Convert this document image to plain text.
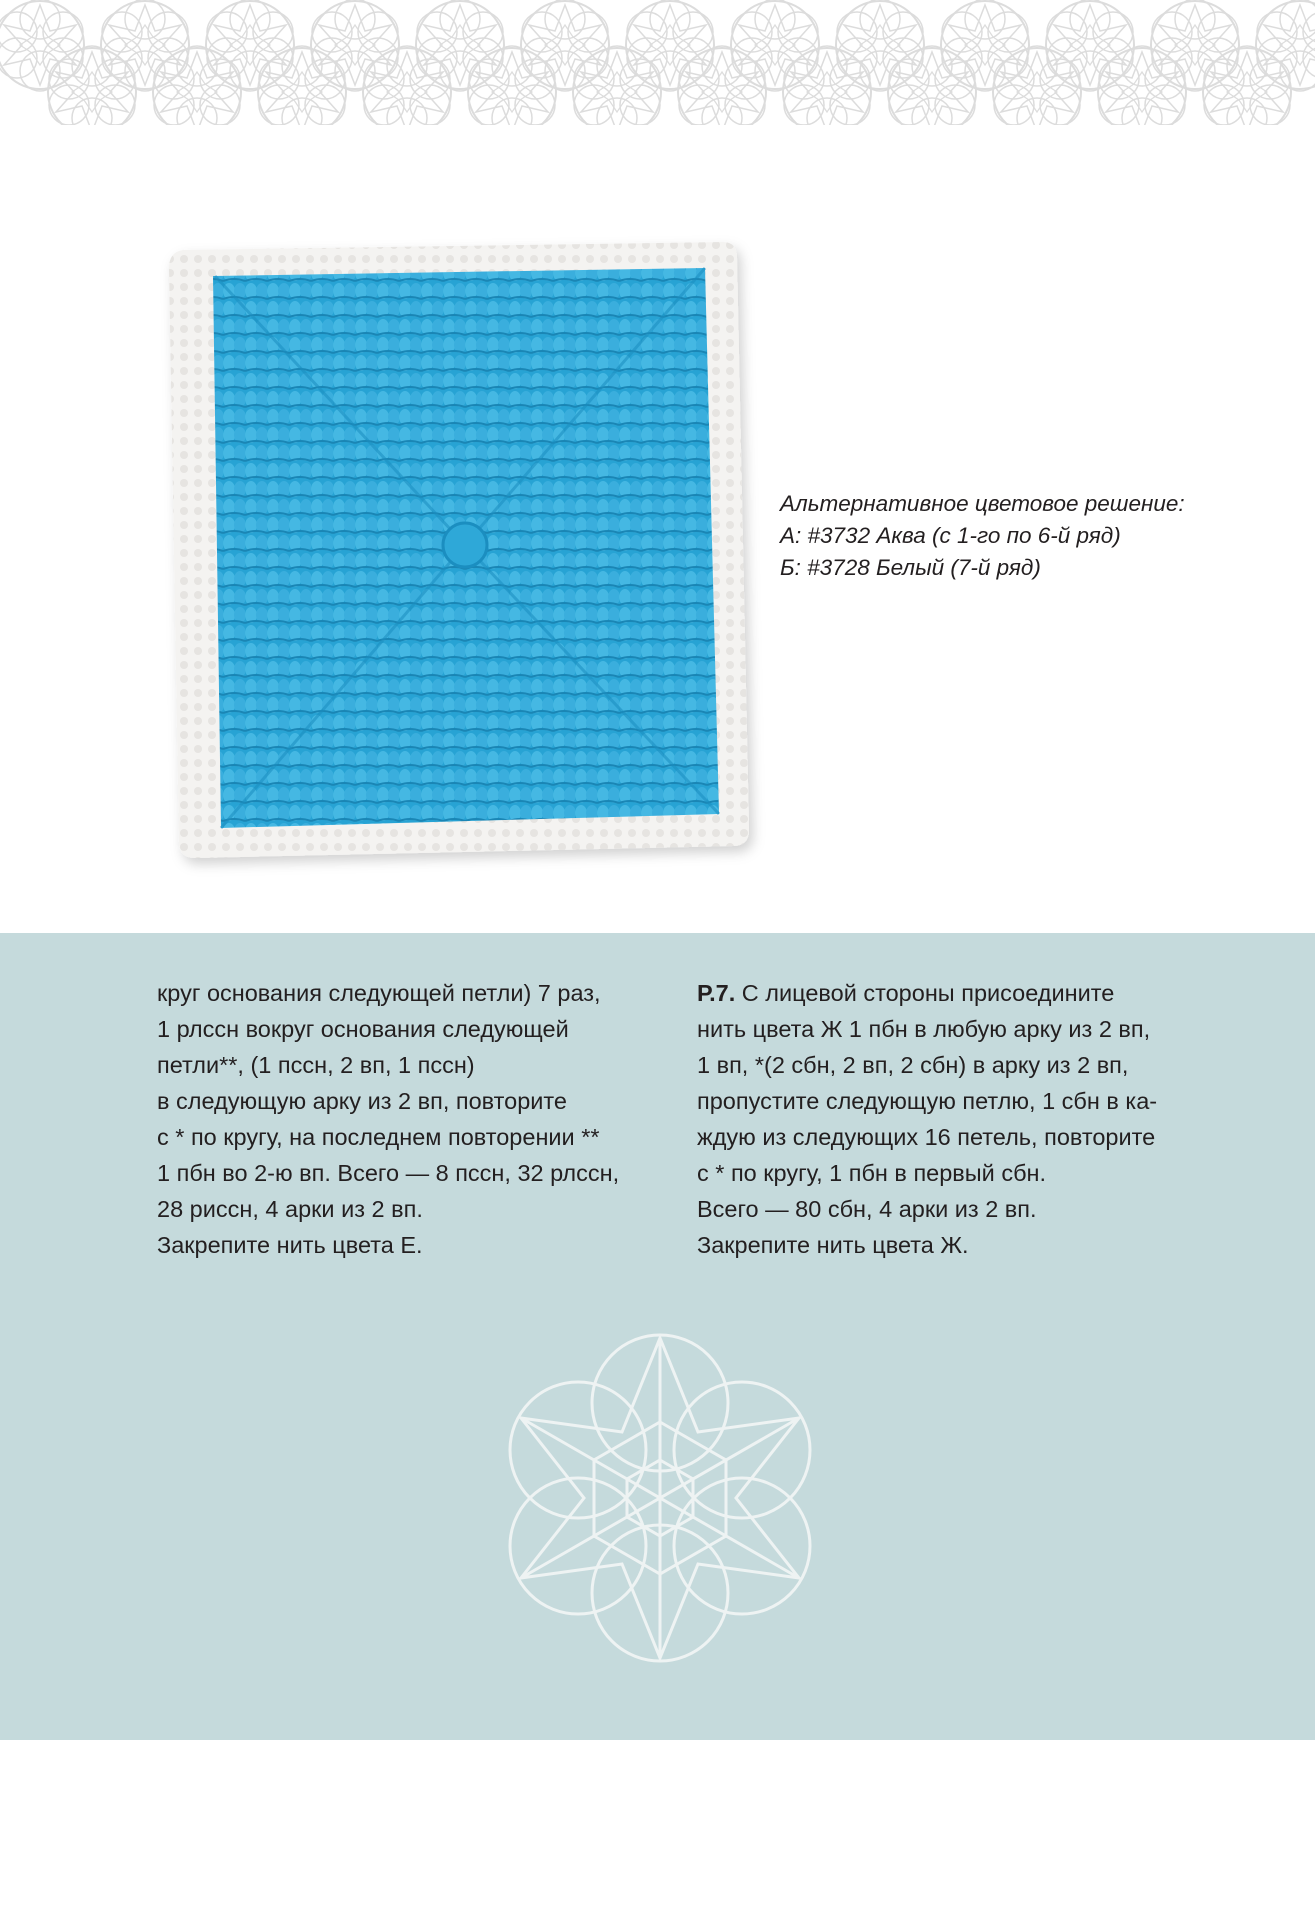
Альтернативное цветовое решение:
А: #3732 Аква (с 1-го по 6-й ряд)
Б: #3728 Белый (7-й ряд)
круг основания следующей петли) 7 раз,
1 рлссн вокруг основания следующей
петли**, (1 пссн, 2 вп, 1 пссн)
в следующую арку из 2 вп, повторите
с * по кругу, на последнем повторении **
1 пбн во 2-ю вп. Всего — 8 пссн, 32 рлссн,
28 риссн, 4 арки из 2 вп.
Закрепите нить цвета Е.
Р.7. С лицевой стороны присоедините
нить цвета Ж 1 пбн в любую арку из 2 вп,
1 вп, *(2 сбн, 2 вп, 2 сбн) в арку из 2 вп,
пропустите следующую петлю, 1 сбн в ка-
ждую из следующих 16 петель, повторите
с * по кругу, 1 пбн в первый сбн.
Всего — 80 сбн, 4 арки из 2 вп.
Закрепите нить цвета Ж.
